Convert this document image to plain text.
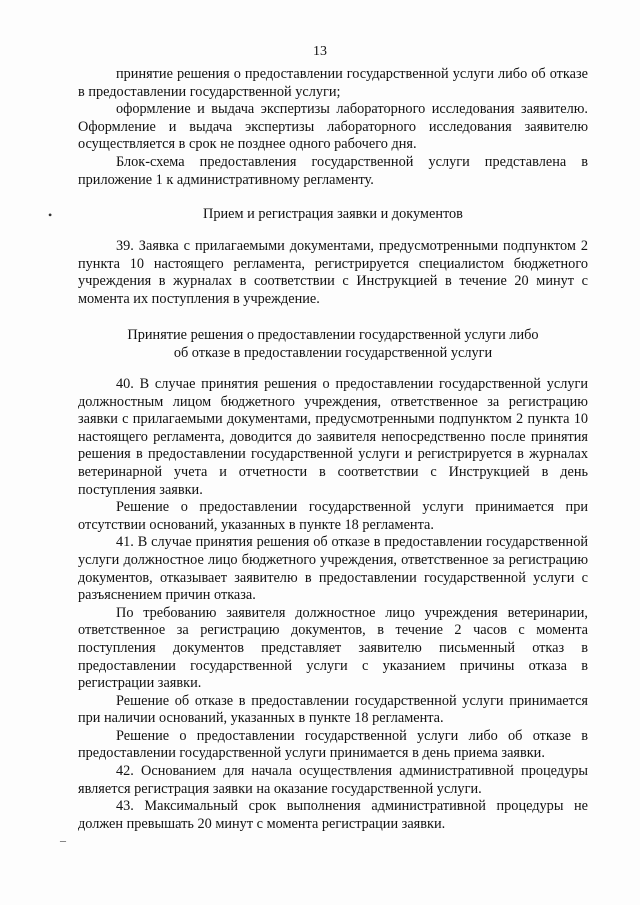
13
•
–

принятие решения о предоставлении государственной услуги либо об отказе в предоставлении государственной услуги;

оформление и выдача экспертизы лабораторного исследования заявителю. Оформление и выдача экспертизы лабораторного исследования заявителю осуществляется в срок не позднее одного рабочего дня.

Блок-схема предоставления государственной услуги представлена в приложение 1 к административному регламенту.

Прием и регистрация заявки и документов

39. Заявка с прилагаемыми документами, предусмотренными подпунктом 2 пункта 10 настоящего регламента, регистрируется специалистом бюджетного учреждения в журналах в соответствии с Инструкцией в течение 20 минут с момента их поступления в учреждение.

Принятие решения о предоставлении государственной услуги либо

об отказе в предоставлении государственной услуги

40. В случае принятия решения о предоставлении государственной услуги должностным лицом бюджетного учреждения, ответственное за регистрацию заявки с прилагаемыми документами, предусмотренными подпунктом 2 пункта 10 настоящего регламента, доводится до заявителя непосредственно после принятия решения в предоставлении государственной услуги и регистрируется в журналах ветеринарной учета и отчетности в соответствии с Инструкцией в день поступления заявки.

Решение о предоставлении государственной услуги принимается при отсутствии оснований, указанных в пункте 18 регламента.

41. В случае принятия решения об отказе в предоставлении государственной услуги должностное лицо бюджетного учреждения, ответственное за регистрацию документов, отказывает заявителю в предоставлении государственной услуги с разъяснением причин отказа.

По требованию заявителя должностное лицо учреждения ветеринарии, ответственное за регистрацию документов, в течение 2 часов с момента поступления документов представляет заявителю письменный отказ в предоставлении государственной услуги с указанием причины отказа в регистрации заявки.

Решение об отказе в предоставлении государственной услуги принимается при наличии оснований, указанных в пункте 18 регламента.

Решение о предоставлении государственной услуги либо об отказе в предоставлении государственной услуги принимается в день приема заявки.

42. Основанием для начала осуществления административной процедуры является регистрация заявки на оказание государственной услуги.

43. Максимальный срок выполнения административной процедуры не должен превышать 20 минут с момента регистрации заявки.
